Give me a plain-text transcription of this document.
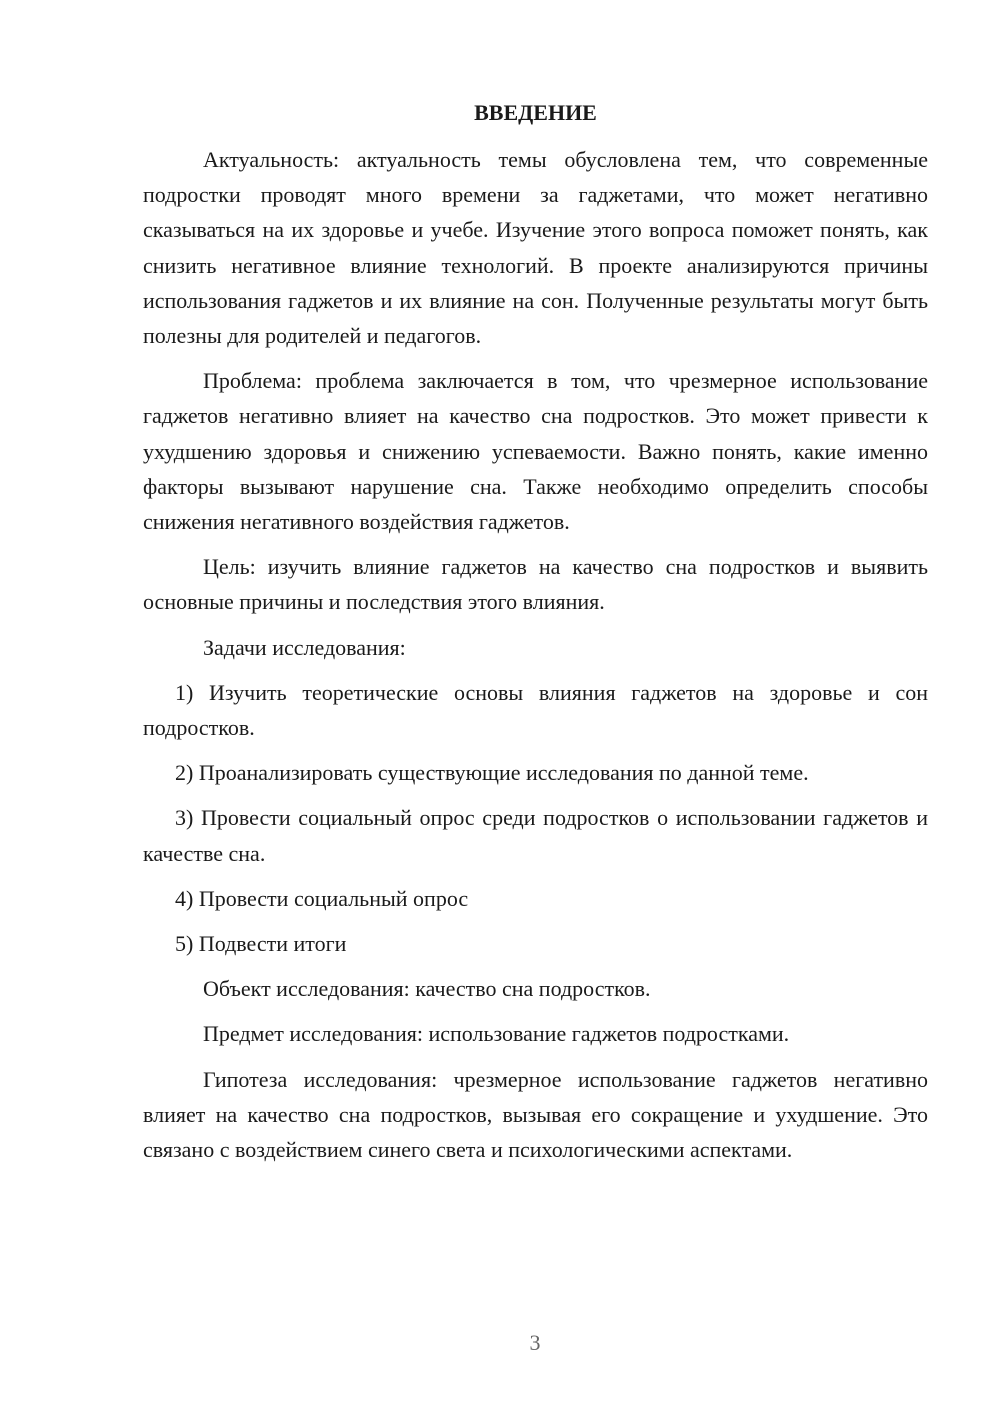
ВВЕДЕНИЕ
Актуальность: актуальность темы обусловлена тем, что современные подростки проводят много времени за гаджетами, что может негативно сказываться на их здоровье и учебе. Изучение этого вопроса поможет понять, как снизить негативное влияние технологий. В проекте анализируются причины использования гаджетов и их влияние на сон. Полученные результаты могут быть полезны для родителей и педагогов.
Проблема: проблема заключается в том, что чрезмерное использование гаджетов негативно влияет на качество сна подростков. Это может привести к ухудшению здоровья и снижению успеваемости. Важно понять, какие именно факторы вызывают нарушение сна. Также необходимо определить способы снижения негативного воздействия гаджетов.
Цель: изучить влияние гаджетов на качество сна подростков и выявить основные причины и последствия этого влияния.
Задачи исследования:
1) Изучить теоретические основы влияния гаджетов на здоровье и сон подростков.
2) Проанализировать существующие исследования по данной теме.
3) Провести социальный опрос среди подростков о использовании гаджетов и качестве сна.
4) Провести социальный опрос
5) Подвести итоги
Объект исследования: качество сна подростков.
Предмет исследования: использование гаджетов подростками.
Гипотеза исследования: чрезмерное использование гаджетов негативно влияет на качество сна подростков, вызывая его сокращение и ухудшение. Это связано с воздействием синего света и психологическими аспектами.
3
